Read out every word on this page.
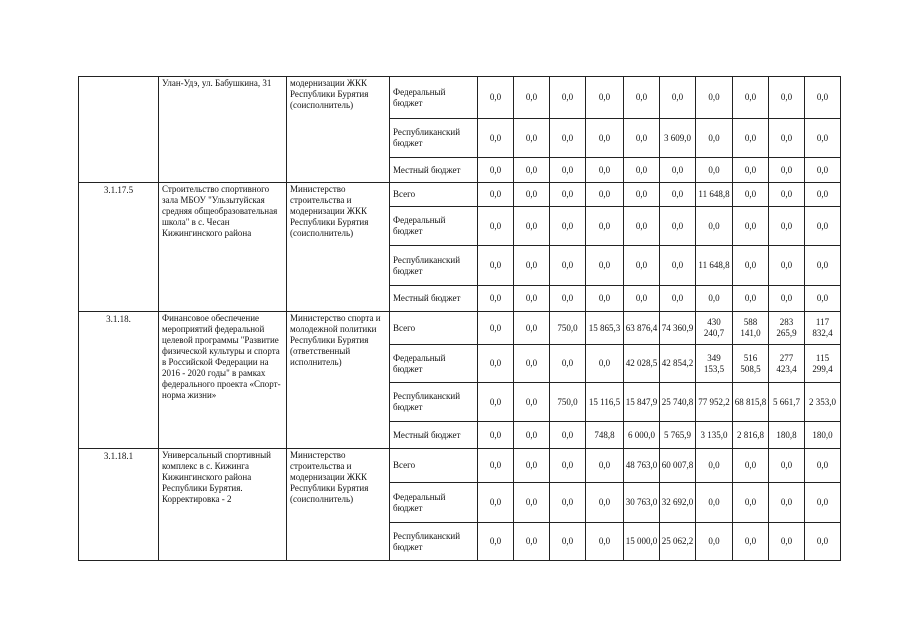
	Улан-Удэ, ул. Бабушкина, 31	модернизации ЖКК Республики Бурятия (соисполнитель)	Федеральный бюджет	0,0	0,0	0,0	0,0	0,0	0,0	0,0	0,0	0,0	0,0
			Республиканский бюджет	0,0	0,0	0,0	0,0	0,0	3 609,0	0,0	0,0	0,0	0,0
			Местный бюджет	0,0	0,0	0,0	0,0	0,0	0,0	0,0	0,0	0,0	0,0
3.1.17.5	Строительство спортивного зала МБОУ "Ульзытуйская средняя общеобразовательная школа" в с. Чесан Кижингинского района	Министерство строительства и модернизации ЖКК Республики Бурятия (соисполнитель)	Всего	0,0	0,0	0,0	0,0	0,0	0,0	11 648,8	0,0	0,0	0,0
			Федеральный бюджет	0,0	0,0	0,0	0,0	0,0	0,0	0,0	0,0	0,0	0,0
			Республиканский бюджет	0,0	0,0	0,0	0,0	0,0	0,0	11 648,8	0,0	0,0	0,0
			Местный бюджет	0,0	0,0	0,0	0,0	0,0	0,0	0,0	0,0	0,0	0,0
3.1.18.	Финансовое обеспечение мероприятий федеральной целевой программы "Развитие физической культуры и спорта в Российской Федерации на 2016 - 2020 годы" в рамках федерального проекта «Спорт-норма жизни»	Министерство спорта и молодежной политики Республики Бурятия (ответственный исполнитель)	Всего	0,0	0,0	750,0	15 865,3	63 876,4	74 360,9	430 240,7	588 141,0	283 265,9	117 832,4
			Федеральный бюджет	0,0	0,0	0,0	0,0	42 028,5	42 854,2	349 153,5	516 508,5	277 423,4	115 299,4
			Республиканский бюджет	0,0	0,0	750,0	15 116,5	15 847,9	25 740,8	77 952,2	68 815,8	5 661,7	2 353,0
			Местный бюджет	0,0	0,0	0,0	748,8	6 000,0	5 765,9	3 135,0	2 816,8	180,8	180,0
3.1.18.1	Универсальный спортивный комплекс в с. Кижинга Кижингинского района Республики Бурятия. Корректировка - 2	Министерство строительства и модернизации ЖКК Республики Бурятия (соисполнитель)	Всего	0,0	0,0	0,0	0,0	48 763,0	60 007,8	0,0	0,0	0,0	0,0
			Федеральный бюджет	0,0	0,0	0,0	0,0	30 763,0	32 692,0	0,0	0,0	0,0	0,0
			Республиканский бюджет	0,0	0,0	0,0	0,0	15 000,0	25 062,2	0,0	0,0	0,0	0,0
